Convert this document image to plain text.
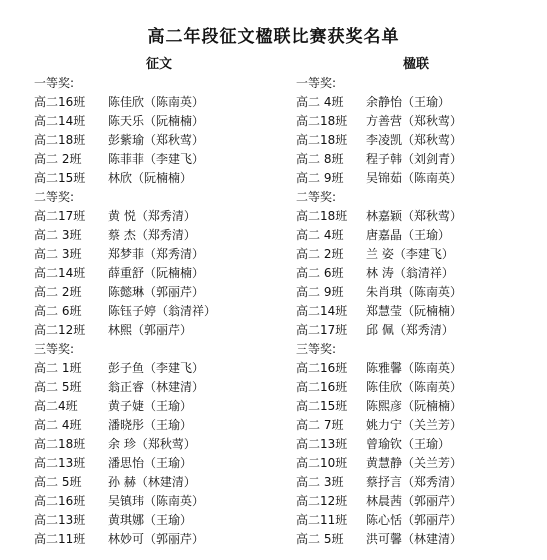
高二年段征文楹联比赛获奖名单
征文
一等奖:
高二16班	陈佳欣（陈南英）
高二14班	陈天乐（阮楠楠）
高二18班	彭紫瑜（郑秋莺）
高二 2班	陈菲菲（李建飞）
高二15班	林欣（阮楠楠）
二等奖:
高二17班	黄 悦（郑秀清）
高二 3班	蔡 杰（郑秀清）
高二 3班	郑梦菲（郑秀清）
高二14班	薛重舒（阮楠楠）
高二 2班	陈懿琳（郭丽芹）
高二 6班	陈钰子婷（翁清祥）
高二12班	林熙（郭丽芹）
三等奖:
高二 1班	彭子鱼（李建飞）
高二 5班	翁正睿（林建清）
高二4班	黄子婕（王瑜）
高二 4班	潘晓彤（王瑜）
高二18班	余 珍（郑秋莺）
高二13班	潘思怡（王瑜）
高二 5班	孙 赫（林建清）
高二16班	吴镇玮（陈南英）
高二13班	黄琪娜（王瑜）
高二11班	林妙可（郭丽芹）
楹联
一等奖:
高二 4班	余静怡（王瑜）
高二18班	方善营（郑秋莺）
高二18班	李凌凯（郑秋莺）
高二 8班	程子韩（刘剑青）
高二 9班	吴锦茹（陈南英）
二等奖:
高二18班	林嘉颖（郑秋莺）
高二 4班	唐嘉晶（王瑜）
高二 2班	兰 姿（李建飞）
高二 6班	林 涛（翁清祥）
高二 9班	朱肖琪（陈南英）
高二14班	郑慧莹（阮楠楠）
高二17班	邱 佩（郑秀清）
三等奖:
高二16班	陈雅馨（陈南英）
高二16班	陈佳欣（陈南英）
高二15班	陈熙彦（阮楠楠）
高二 7班	姚力宁（关兰芳）
高二13班	曾瑜钦（王瑜）
高二10班	黄慧静（关兰芳）
高二 3班	蔡抒言（郑秀清）
高二12班	林晨茜（郭丽芹）
高二11班	陈心恬（郭丽芹）
高二 5班	洪可馨（林建清）
